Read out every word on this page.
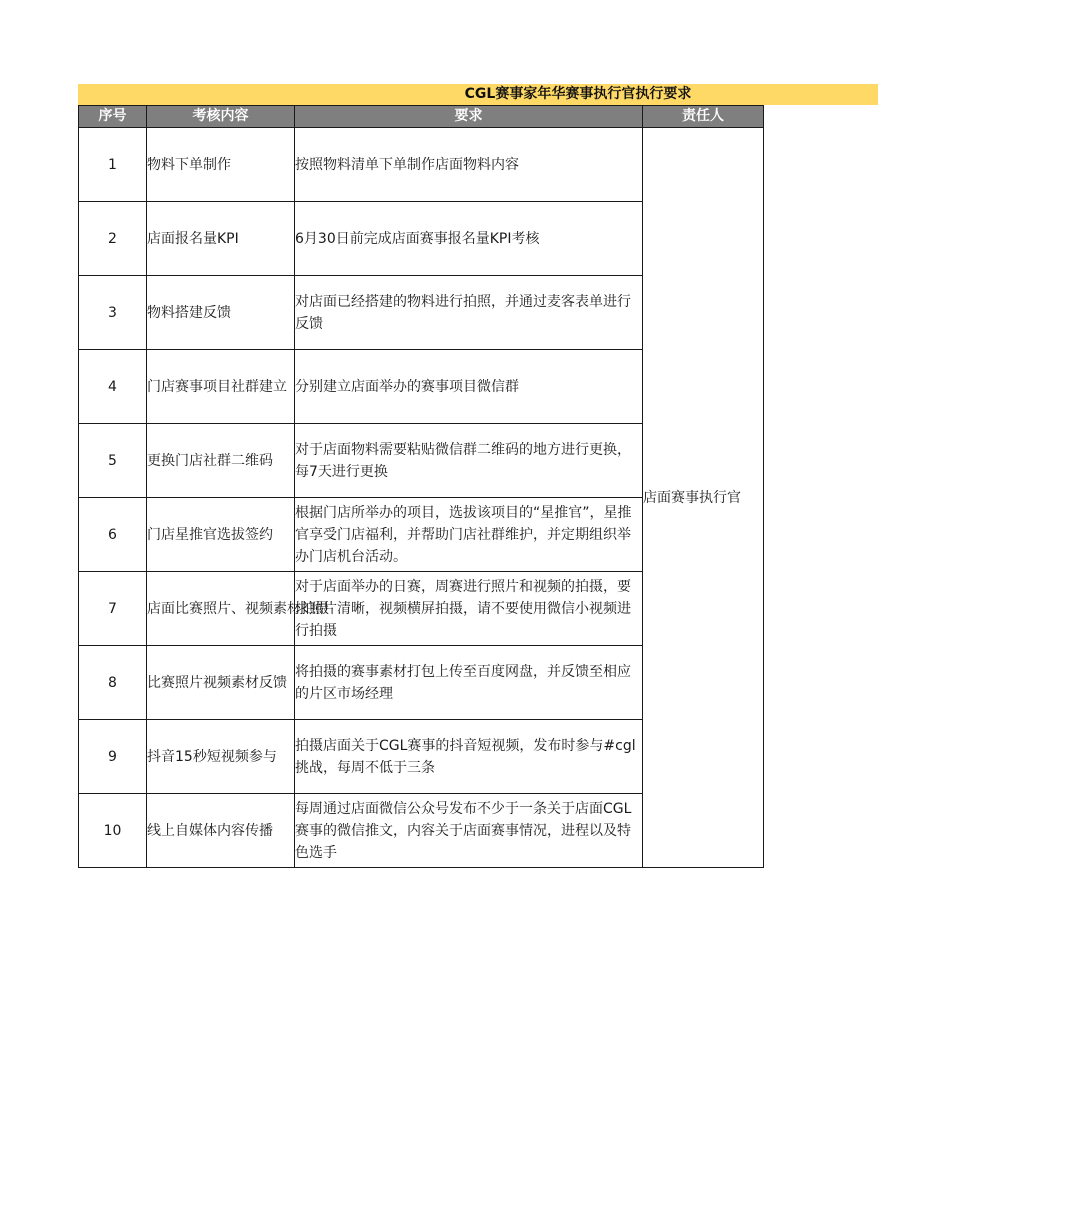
CGL赛事家年华赛事执行官执行要求
序号	考核内容	要求	责任人
1	物料下单制作	按照物料清单下单制作店面物料内容	店面赛事执行官
2	店面报名量KPI	6月30日前完成店面赛事报名量KPI考核	
3	物料搭建反馈	对店面已经搭建的物料进行拍照，并通过麦客表单进行反馈	
4	门店赛事项目社群建立	分别建立店面举办的赛事项目微信群	
5	更换门店社群二维码	对于店面物料需要粘贴微信群二维码的地方进行更换，每7天进行更换	
6	门店星推官选拔签约	根据门店所举办的项目，选拔该项目的“星推官”，星推官享受门店福利，并帮助门店社群维护，并定期组织举办门店机台活动。	
7	店面比赛照片、视频素材拍摄	对于店面举办的日赛，周赛进行照片和视频的拍摄，要求照片清晰，视频横屏拍摄，请不要使用微信小视频进行拍摄	
8	比赛照片视频素材反馈	将拍摄的赛事素材打包上传至百度网盘，并反馈至相应的片区市场经理	
9	抖音15秒短视频参与	拍摄店面关于CGL赛事的抖音短视频，发布时参与#cgl挑战，每周不低于三条	
10	线上自媒体内容传播	每周通过店面微信公众号发布不少于一条关于店面CGL赛事的微信推文，内容关于店面赛事情况，进程以及特色选手	
